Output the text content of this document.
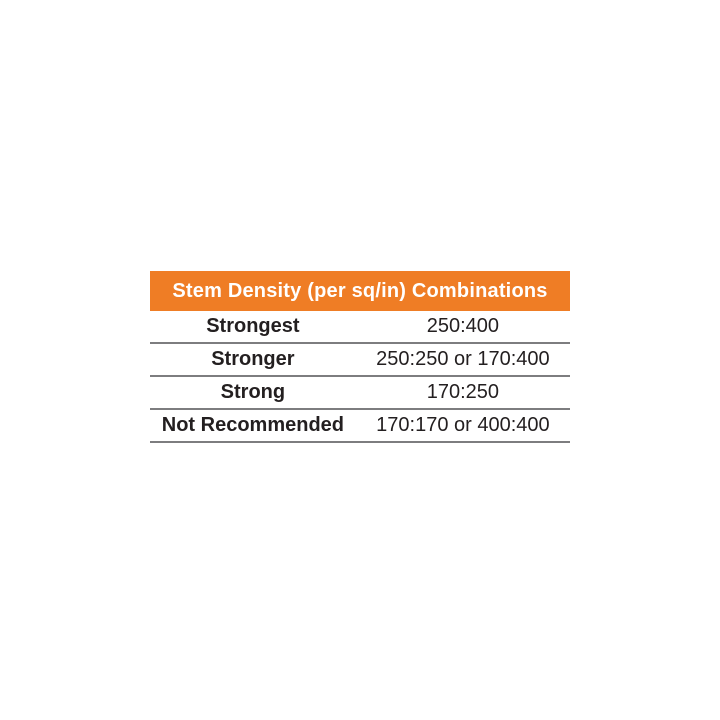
Stem Density (per sq/in) Combinations
Strongest	250:400
Stronger	250:250 or 170:400
Strong	170:250
Not Recommended	170:170 or 400:400
